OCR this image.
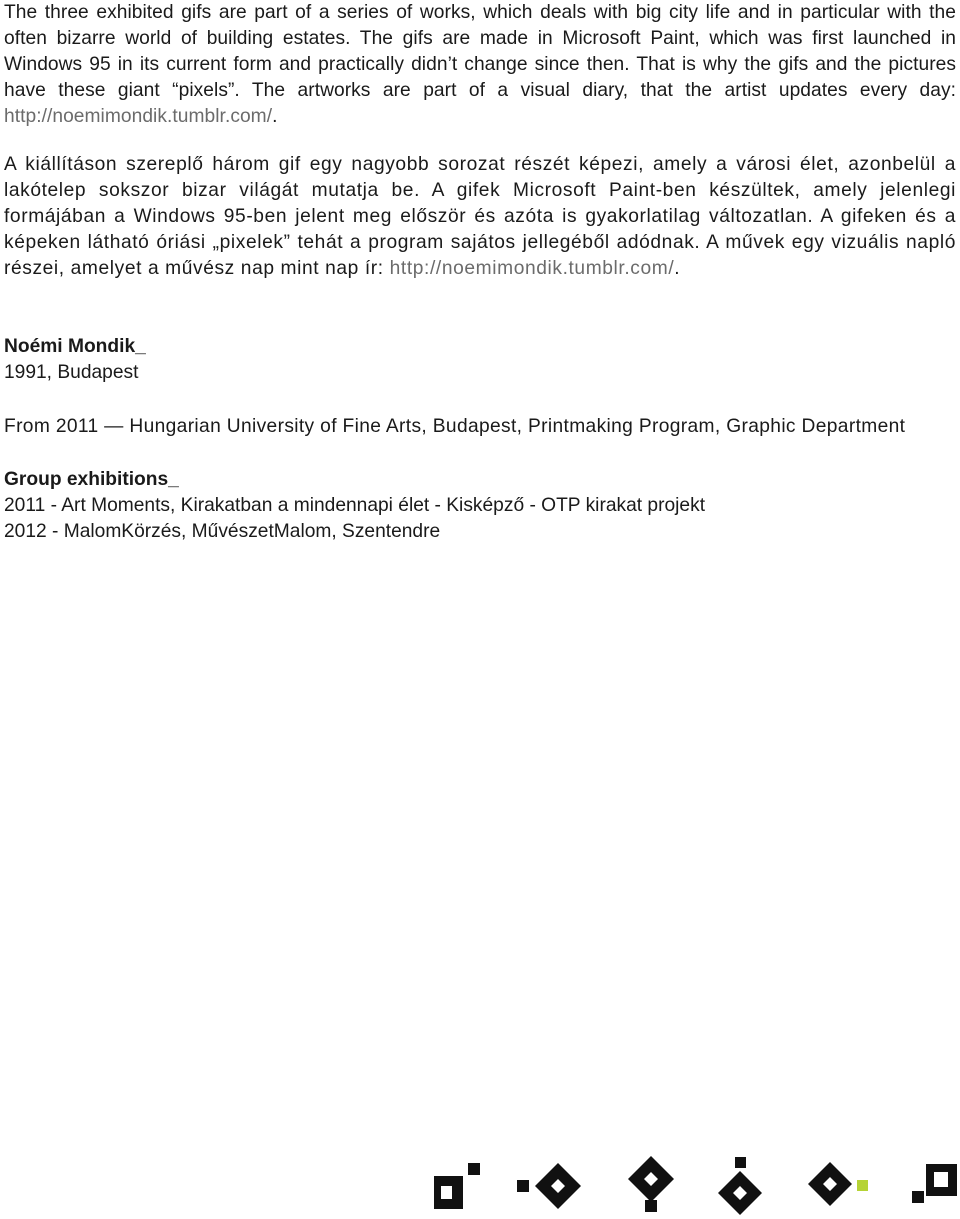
The three exhibited gifs are part of a series of works, which deals with big city life and in particular with the often bizarre world of building estates. The gifs are made in Microsoft Paint, which was first launched in Windows 95 in its current form and practically didn’t change since then. That is why the gifs and the pictures have these giant “pixels”. The artworks are part of a visual diary, that the artist updates every day: http://noemimondik.tumblr.com/.

A kiállításon szereplő három gif egy nagyobb sorozat részét képezi, amely a városi élet, azonbelül a lakótelep sokszor bizar világát mutatja be. A gifek Microsoft Paint-ben készültek, amely jelenlegi formájában a Windows 95-ben jelent meg először és azóta is gyakorlatilag változatlan. A gifeken és a képeken látható óriási „pixelek” tehát a program sajátos jellegéből adódnak. A művek egy vizuális napló részei, amelyet a művész nap mint nap ír: http://noemimondik.tumblr.com/.

Noémi Mondik_

1991, Budapest

From 2011 — Hungarian University of Fine Arts, Budapest, Printmaking Program, Graphic Department

Group exhibitions_

2011 - Art Moments, Kirakatban a mindennapi élet - Kisképző - OTP kirakat projekt

2012 - MalomKörzés, MűvészetMalom, Szentendre
